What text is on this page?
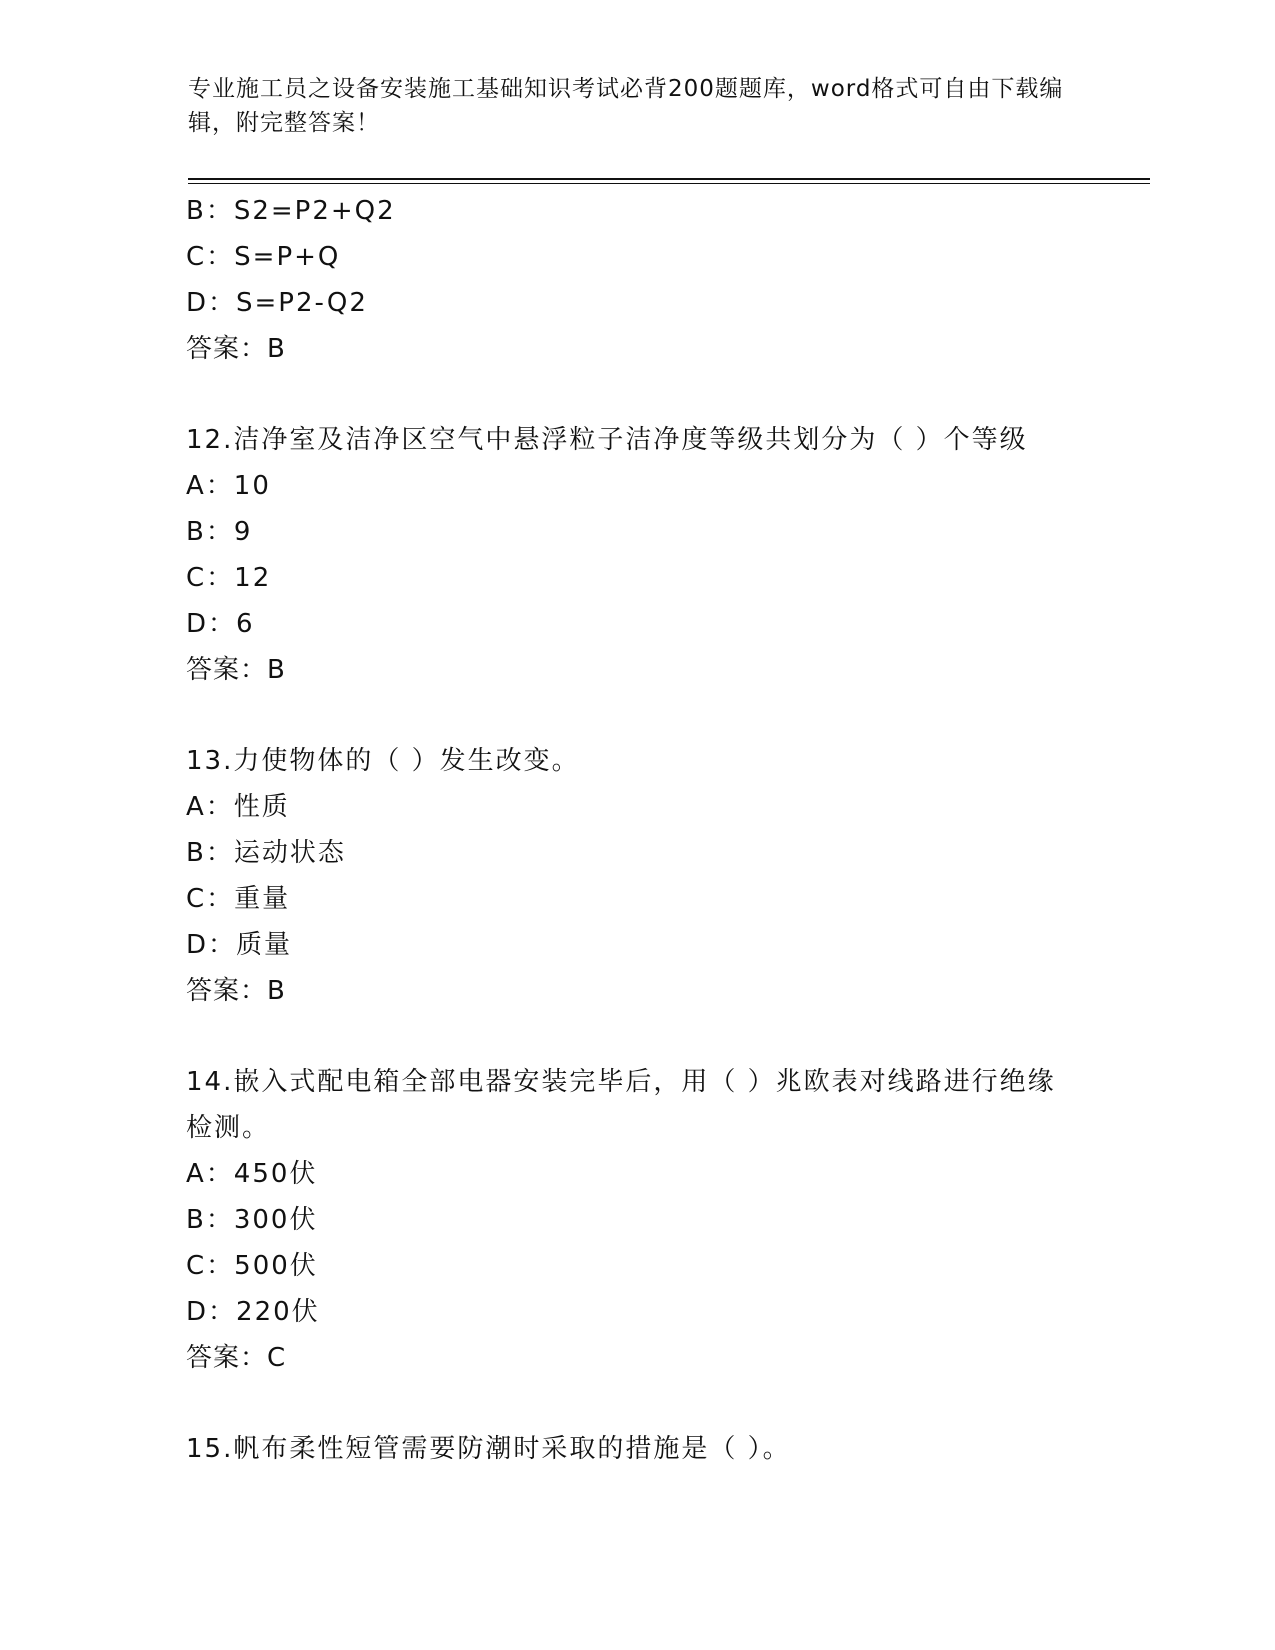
专业施工员之设备安装施工基础知识考试必背200题题库，word格式可自由下载编辑，附完整答案！
B：S2=P2+Q2
C：S=P+Q
D：S=P2-Q2
答案：B
12.洁净室及洁净区空气中悬浮粒子洁净度等级共划分为（ ）个等级
A：10
B：9
C：12
D：6
答案：B
13.力使物体的（ ）发生改变。
A：性质
B：运动状态
C：重量
D：质量
答案：B
14.嵌入式配电箱全部电器安装完毕后，用（ ）兆欧表对线路进行绝缘检测。
A：450伏
B：300伏
C：500伏
D：220伏
答案：C
15.帆布柔性短管需要防潮时采取的措施是（ ）。
